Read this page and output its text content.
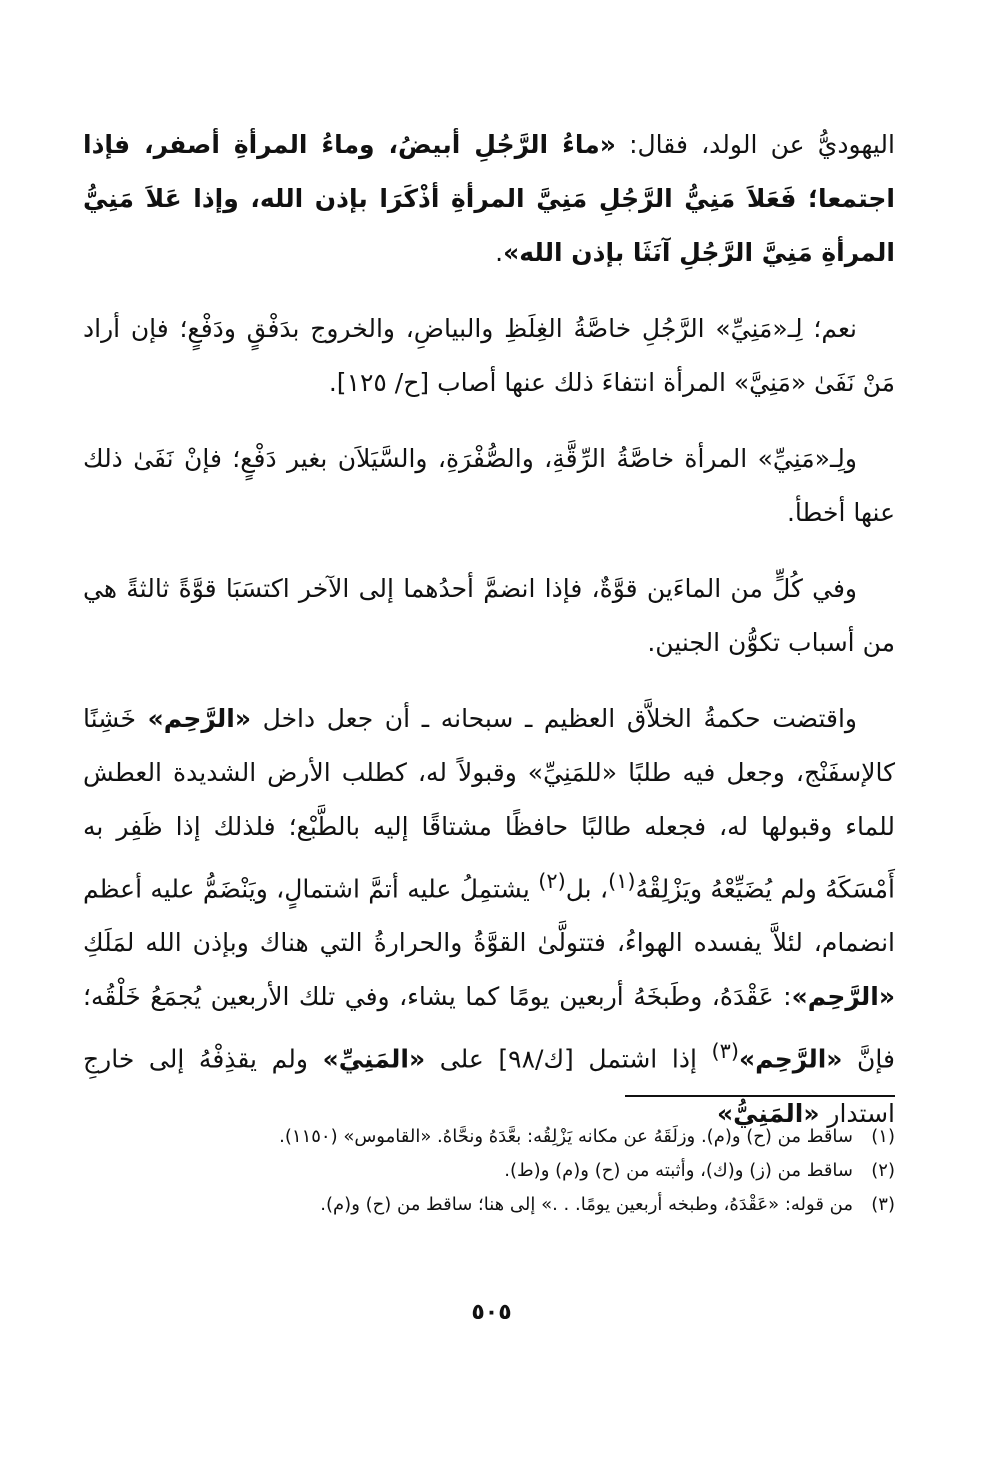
اليهوديُّ عن الولد، فقال: «ماءُ الرَّجُلِ أبيضُ، وماءُ المرأةِ أصفر، فإذا اجتمعا؛ فَعَلاَ مَنِيُّ الرَّجُلِ مَنِيَّ المرأةِ أذْكَرَا بإذن الله، وإذا عَلاَ مَنِيُّ المرأةِ مَنِيَّ الرَّجُلِ آنَثَا بإذن الله».

نعم؛ لِـ«مَنِيِّ» الرَّجُلِ خاصَّةُ الغِلَظِ والبياضِ، والخروج بدَفْقٍ ودَفْعٍ؛ فإن أراد مَنْ نَفَىٰ «مَنِيَّ» المرأة انتفاءَ ذلك عنها أصاب [ح/ ١٢٥].

ولِـ«مَنِيِّ» المرأة خاصَّةُ الرِّقَّةِ، والصُّفْرَةِ، والسَّيَلاَن بغير دَفْعٍ؛ فإنْ نَفَىٰ ذلك عنها أخطأ.

وفي كُلٍّ من الماءَين قوَّةٌ، فإذا انضمَّ أحدُهما إلى الآخر اكتسَبَا قوَّةً ثالثةً هي من أسباب تكوُّن الجنين.

واقتضت حكمةُ الخلاَّق العظيم ـ سبحانه ـ أن جعل داخل «الرَّحِم» خَشِنًا كالإسفَنْج، وجعل فيه طلبًا «للمَنِيِّ» وقبولاً له، كطلب الأرض الشديدة العطش للماء وقبولها له، فجعله طالبًا حافظًا مشتاقًا إليه بالطَّبْع؛ فلذلك إذا ظَفِر به أَمْسَكَهُ ولم يُضَيِّعْهُ ويَزْلِقْهُ$^{(١)}$، بل$^{(٢)}$ يشتمِلُ عليه أتمَّ اشتمالٍ، ويَنْضَمُّ عليه أعظم انضمام، لئلاَّ يفسده الهواءُ، فتتولَّىٰ القوَّةُ والحرارةُ التي هناك وبإذن الله لمَلَكِ «الرَّحِم»: عَقْدَهُ، وطَبخَهُ أربعين يومًا كما يشاء، وفي تلك الأربعين يُجمَعُ خَلْقُه؛ فإنَّ «الرَّحِم»$^{(٣)}$ إذا اشتمل [ك/٩٨] على «المَنِيِّ» ولم يقذِفْهُ إلى خارجِ استدار «المَنِيُّ»

(١)
ساقط من (ح) و(م). وزلَقَهُ عن مكانه يَزْلِقُه: بعَّدَهُ ونحَّاهُ. «القاموس» (١١٥٠).
(٢)
ساقط من (ز) و(ك)، وأثبته من (ح) و(م) و(ط).
(٣)
من قوله: «عَقْدَهُ، وطبخه أربعين يومًا. . .» إلى هنا؛ ساقط من (ح) و(م).
٥٠٥
